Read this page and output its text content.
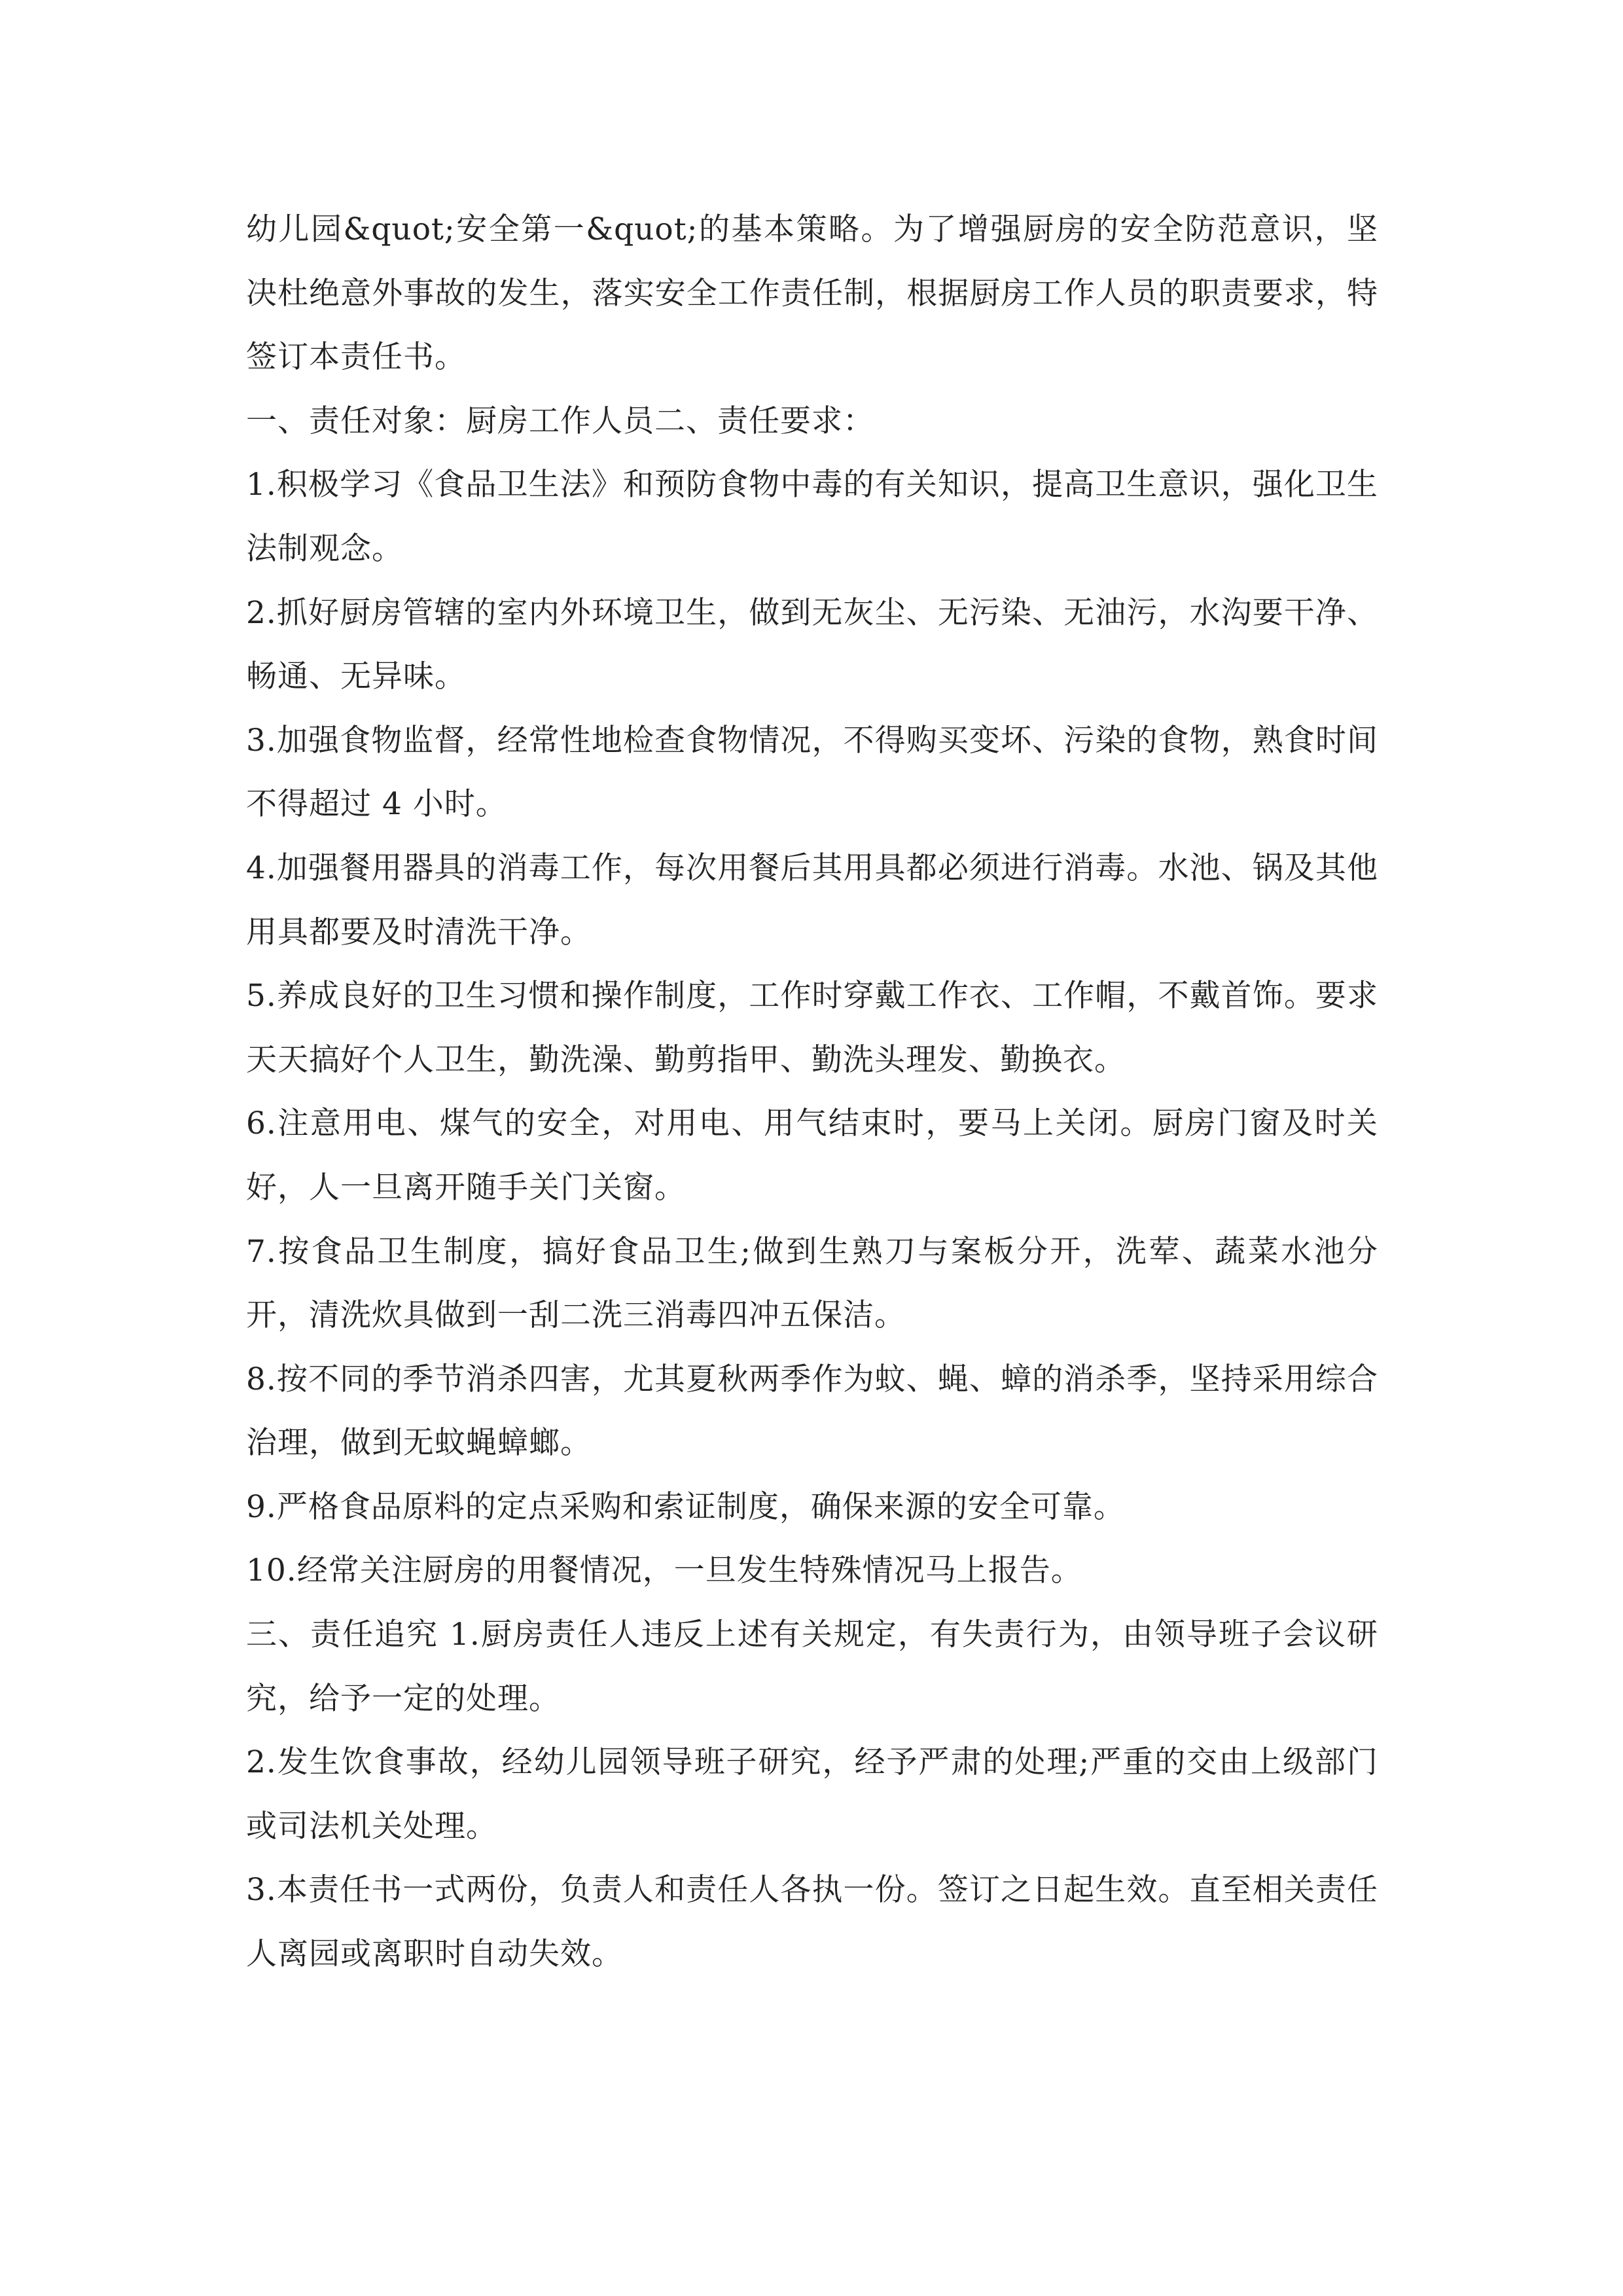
幼儿园&quot;安全第一&quot;的基本策略。为了增强厨房的安全防范意识，坚决杜绝意外事故的发生，落实安全工作责任制，根据厨房工作人员的职责要求，特签订本责任书。

一、责任对象：厨房工作人员二、责任要求：

1.积极学习《食品卫生法》和预防食物中毒的有关知识，提高卫生意识，强化卫生法制观念。

2.抓好厨房管辖的室内外环境卫生，做到无灰尘、无污染、无油污，水沟要干净、畅通、无异味。

3.加强食物监督，经常性地检查食物情况，不得购买变坏、污染的食物，熟食时间不得超过 4 小时。

4.加强餐用器具的消毒工作，每次用餐后其用具都必须进行消毒。水池、锅及其他用具都要及时清洗干净。

5.养成良好的卫生习惯和操作制度，工作时穿戴工作衣、工作帽，不戴首饰。要求天天搞好个人卫生，勤洗澡、勤剪指甲、勤洗头理发、勤换衣。

6.注意用电、煤气的安全，对用电、用气结束时，要马上关闭。厨房门窗及时关好，人一旦离开随手关门关窗。

7.按食品卫生制度，搞好食品卫生;做到生熟刀与案板分开，洗荤、蔬菜水池分开，清洗炊具做到一刮二洗三消毒四冲五保洁。

8.按不同的季节消杀四害，尤其夏秋两季作为蚊、蝇、蟑的消杀季，坚持采用综合治理，做到无蚊蝇蟑螂。

9.严格食品原料的定点采购和索证制度，确保来源的安全可靠。

10.经常关注厨房的用餐情况，一旦发生特殊情况马上报告。

三、责任追究 1.厨房责任人违反上述有关规定，有失责行为，由领导班子会议研究，给予一定的处理。

2.发生饮食事故，经幼儿园领导班子研究，经予严肃的处理;严重的交由上级部门或司法机关处理。

3.本责任书一式两份，负责人和责任人各执一份。签订之日起生效。直至相关责任人离园或离职时自动失效。
